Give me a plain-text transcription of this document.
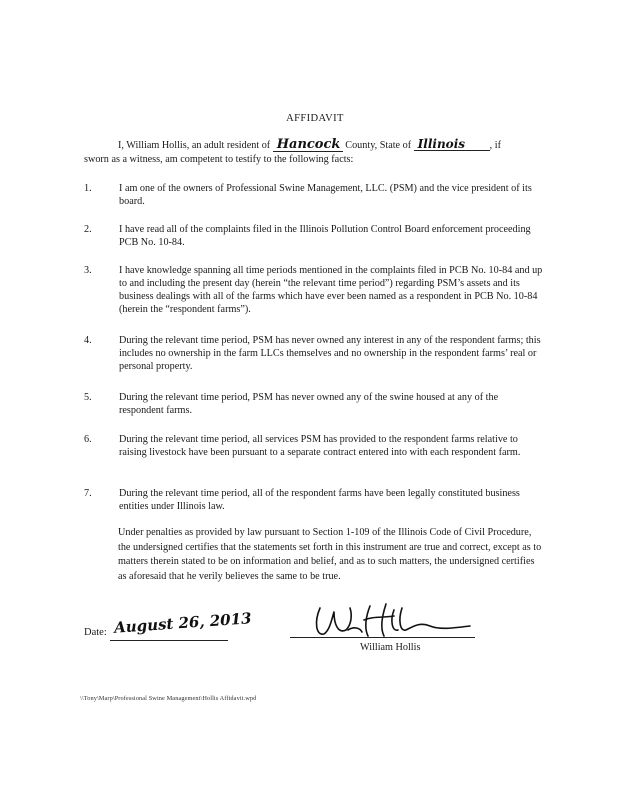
AFFIDAVIT
I, William Hollis, an adult resident of Hancock County, State of Illinois , if
sworn as a witness, am competent to testify to the following facts:
1.	I am one of the owners of Professional Swine Management, LLC. (PSM) and the vice president of its board.
2.	I have read all of the complaints filed in the Illinois Pollution Control Board enforcement proceeding PCB No. 10-84.
3.	I have knowledge spanning all time periods mentioned in the complaints filed in PCB No. 10-84 and up to and including the present day (herein “the relevant time period”) regarding PSM’s assets and its business dealings with all of the farms which have ever been named as a respondent in PCB No. 10-84 (herein the “respondent farms”).
4.	During the relevant time period, PSM has never owned any interest in any of the respondent farms; this includes no ownership in the farm LLCs themselves and no ownership in the respondent farms’ real or personal property.
5.	During the relevant time period, PSM has never owned any of the swine housed at any of the respondent farms.
6.	During the relevant time period, all services PSM has provided to the respondent farms relative to raising livestock have been pursuant to a separate contract entered into with each respondent farm.
7.	During the relevant time period, all of the respondent farms have been legally constituted business entities under Illinois law.
Under penalties as provided by law pursuant to Section 1-109 of the Illinois Code of Civil Procedure, the undersigned certifies that the statements set forth in this instrument are true and correct, except as to matters therein stated to be on information and belief, and as to such matters, the undersigned certifies as aforesaid that he verily believes the same to be true.
Date: August 26, 2013
William Hollis
\\Tony\Marp\Professional Swine Management\Hollis Affidavit.wpd
